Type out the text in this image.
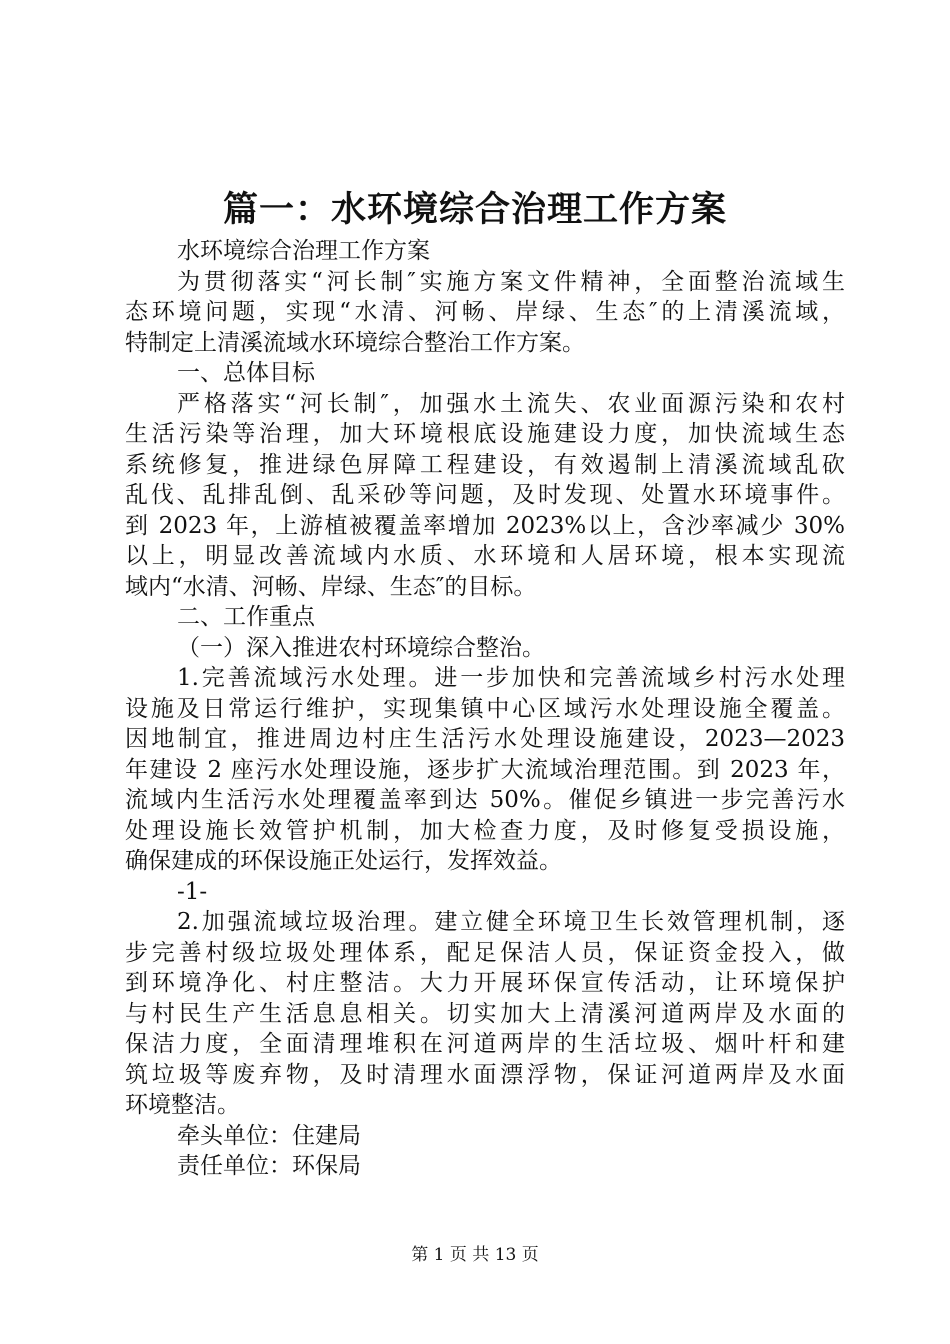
篇一：水环境综合治理工作方案
水环境综合治理工作方案
为贯彻落实“河长制″实施方案文件精神，全面整治流域生
态环境问题，实现“水清、河畅、岸绿、生态″的上清溪流域，
特制定上清溪流域水环境综合整治工作方案。
一、总体目标
严格落实“河长制″，加强水土流失、农业面源污染和农村
生活污染等治理，加大环境根底设施建设力度，加快流域生态
系统修复，推进绿色屏障工程建设，有效遏制上清溪流域乱砍
乱伐、乱排乱倒、乱采砂等问题，及时发现、处置水环境事件。
到 2023 年，上游植被覆盖率增加 2023%以上，含沙率减少 30%
以上，明显改善流域内水质、水环境和人居环境，根本实现流
域内“水清、河畅、岸绿、生态″的目标。
二、工作重点
（一）深入推进农村环境综合整治。
1.完善流域污水处理。进一步加快和完善流域乡村污水处理
设施及日常运行维护，实现集镇中心区域污水处理设施全覆盖。
因地制宜，推进周边村庄生活污水处理设施建设，2023—2023
年建设 2 座污水处理设施，逐步扩大流域治理范围。到 2023 年，
流域内生活污水处理覆盖率到达 50%。催促乡镇进一步完善污水
处理设施长效管护机制，加大检查力度，及时修复受损设施，
确保建成的环保设施正处运行，发挥效益。
-1-
2.加强流域垃圾治理。建立健全环境卫生长效管理机制，逐
步完善村级垃圾处理体系，配足保洁人员，保证资金投入，做
到环境净化、村庄整洁。大力开展环保宣传活动，让环境保护
与村民生产生活息息相关。切实加大上清溪河道两岸及水面的
保洁力度，全面清理堆积在河道两岸的生活垃圾、烟叶杆和建
筑垃圾等废弃物，及时清理水面漂浮物，保证河道两岸及水面
环境整洁。
牵头单位：住建局
责任单位：环保局
第 1 页 共 13 页
